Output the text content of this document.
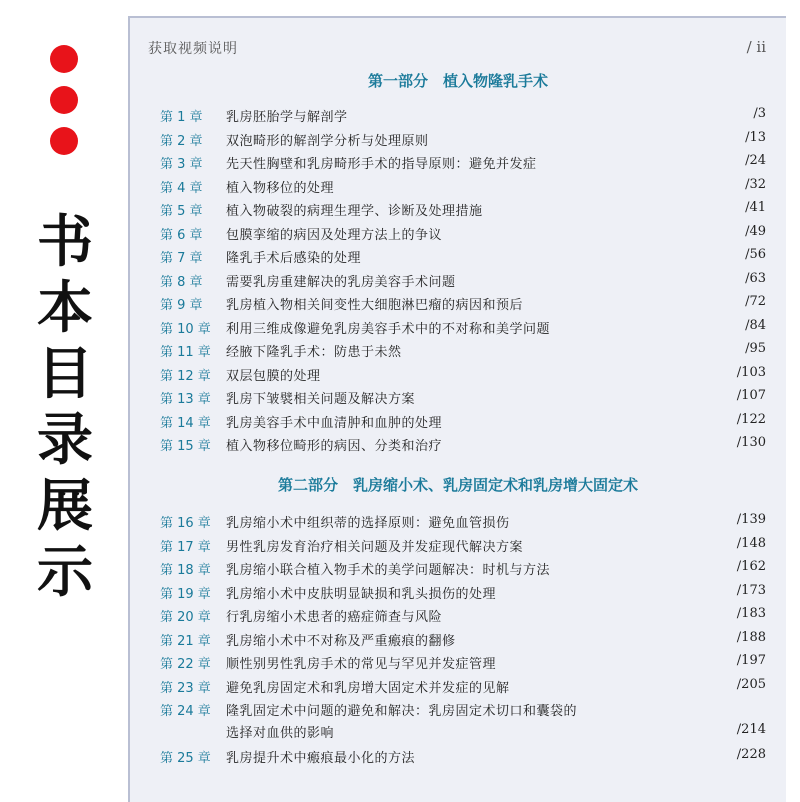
书
本
目
录
展
示
获取视频说明	/ ii
第一部分　植入物隆乳手术
第 1 章 乳房胚胎学与解剖学	/3
第 2 章 双泡畸形的解剖学分析与处理原则	/13
第 3 章 先天性胸壁和乳房畸形手术的指导原则：避免并发症	/24
第 4 章 植入物移位的处理	/32
第 5 章 植入物破裂的病理生理学、诊断及处理措施	/41
第 6 章 包膜挛缩的病因及处理方法上的争议	/49
第 7 章 隆乳手术后感染的处理	/56
第 8 章 需要乳房重建解决的乳房美容手术问题	/63
第 9 章 乳房植入物相关间变性大细胞淋巴瘤的病因和预后	/72
第 10 章 利用三维成像避免乳房美容手术中的不对称和美学问题	/84
第 11 章 经腋下隆乳手术：防患于未然	/95
第 12 章 双层包膜的处理	/103
第 13 章 乳房下皱襞相关问题及解决方案	/107
第 14 章 乳房美容手术中血清肿和血肿的处理	/122
第 15 章 植入物移位畸形的病因、分类和治疗	/130
第二部分　乳房缩小术、乳房固定术和乳房增大固定术
第 16 章 乳房缩小术中组织蒂的选择原则：避免血管损伤	/139
第 17 章 男性乳房发育治疗相关问题及并发症现代解决方案	/148
第 18 章 乳房缩小联合植入物手术的美学问题解决：时机与方法	/162
第 19 章 乳房缩小术中皮肤明显缺损和乳头损伤的处理	/173
第 20 章 行乳房缩小术患者的癌症筛查与风险	/183
第 21 章 乳房缩小术中不对称及严重瘢痕的翻修	/188
第 22 章 顺性别男性乳房手术的常见与罕见并发症管理	/197
第 23 章 避免乳房固定术和乳房增大固定术并发症的见解	/205
第 24 章 隆乳固定术中问题的避免和解决：乳房固定术切口和囊袋的
选择对血供的影响	/214
第 25 章 乳房提升术中瘢痕最小化的方法	/228
